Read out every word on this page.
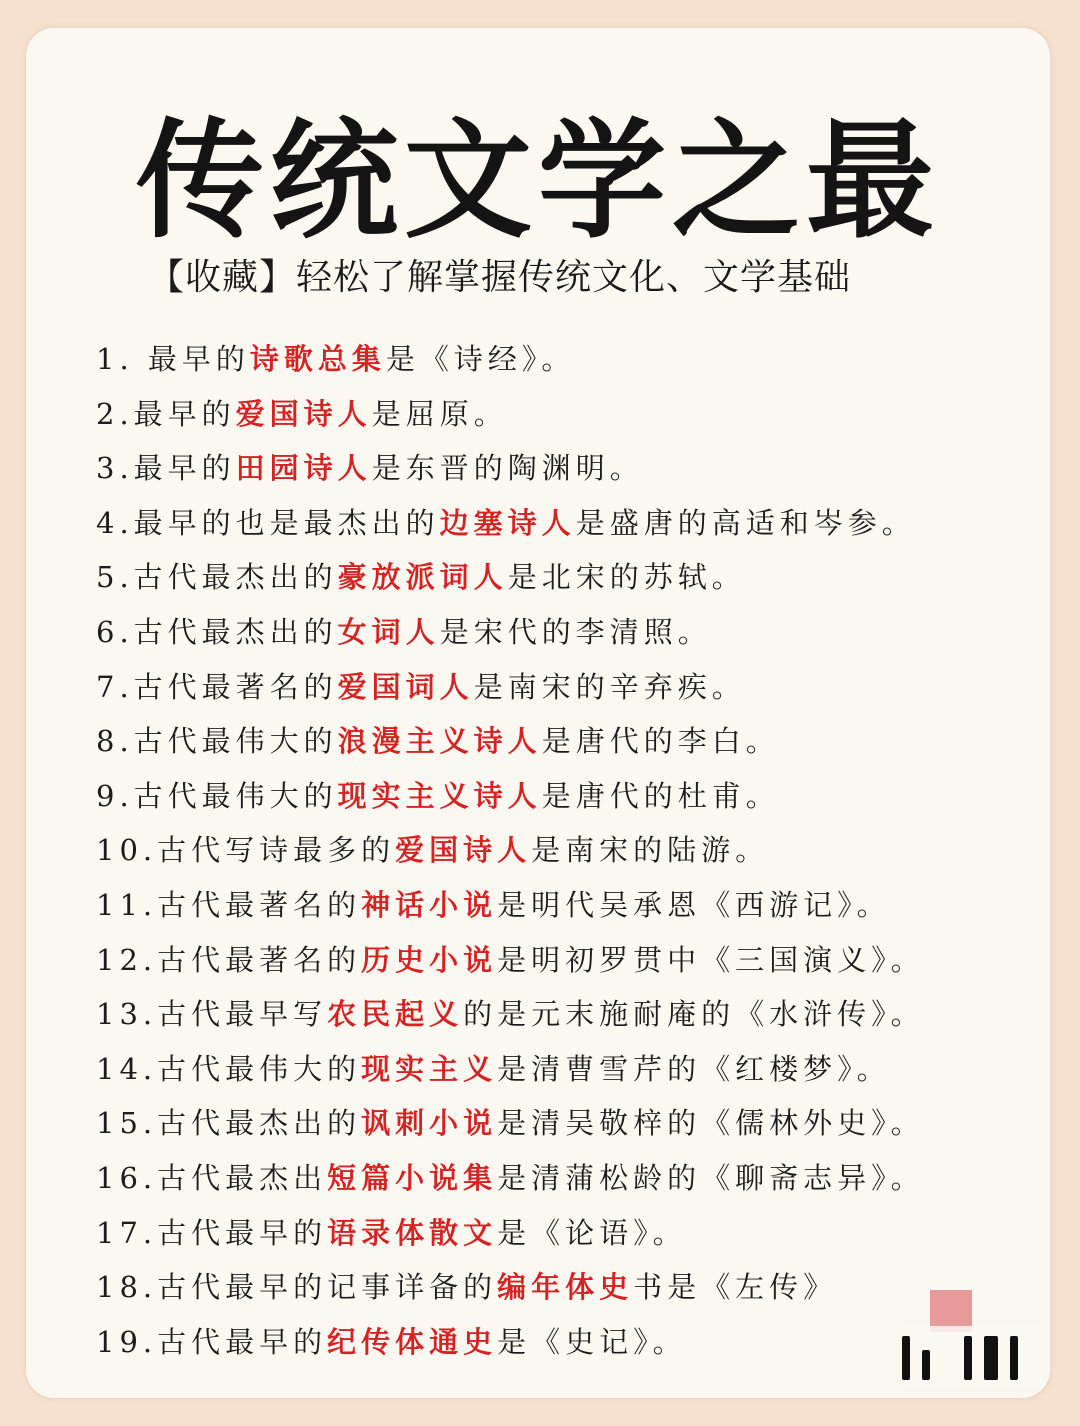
传统文学之最
【收藏】轻松了解掌握传统文化、文学基础
1. 最早的诗歌总集是《诗经》。
2.最早的爱国诗人是屈原。
3.最早的田园诗人是东晋的陶渊明。
4.最早的也是最杰出的边塞诗人是盛唐的高适和岑参。
5.古代最杰出的豪放派词人是北宋的苏轼。
6.古代最杰出的女词人是宋代的李清照。
7.古代最著名的爱国词人是南宋的辛弃疾。
8.古代最伟大的浪漫主义诗人是唐代的李白。
9.古代最伟大的现实主义诗人是唐代的杜甫。
10.古代写诗最多的爱国诗人是南宋的陆游。
11.古代最著名的神话小说是明代吴承恩《西游记》。
12.古代最著名的历史小说是明初罗贯中《三国演义》。
13.古代最早写农民起义的是元末施耐庵的《水浒传》。
14.古代最伟大的现实主义是清曹雪芹的《红楼梦》。
15.古代最杰出的讽刺小说是清吴敬梓的《儒林外史》。
16.古代最杰出短篇小说集是清蒲松龄的《聊斋志异》。
17.古代最早的语录体散文是《论语》。
18.古代最早的记事详备的编年体史书是《左传》
19.古代最早的纪传体通史是《史记》。
